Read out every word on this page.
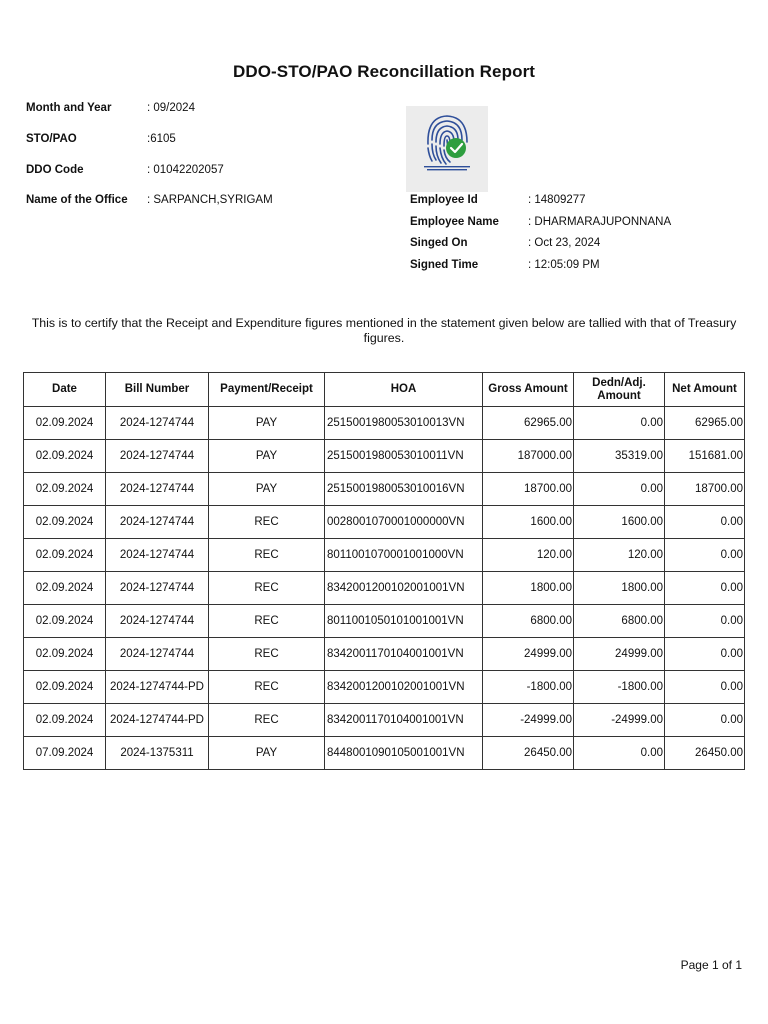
DDO-STO/PAO Reconcillation Report
Month and Year	: 09/2024
STO/PAO	:6105
DDO Code	: 01042202057
Name of the Office : SARPANCH,SYRIGAM	Employee Id	: 14809277
Employee Name	: DHARMARAJUPONNANA
Singed On	: Oct 23, 2024
Signed Time	: 12:05:09 PM
This is to certify that the Receipt and Expenditure figures mentioned in the statement given below are tallied with that of Treasury figures.
Date	Bill Number	Payment/Receipt	HOA	Gross Amount	Dedn/Adj. Amount	Net Amount
02.09.2024	2024-1274744	PAY	2515001980053010013VN	62965.00	0.00	62965.00
02.09.2024	2024-1274744	PAY	2515001980053010011VN	187000.00	35319.00	151681.00
02.09.2024	2024-1274744	PAY	2515001980053010016VN	18700.00	0.00	18700.00
02.09.2024	2024-1274744	REC	0028001070001000000VN	1600.00	1600.00	0.00
02.09.2024	2024-1274744	REC	8011001070001001000VN	120.00	120.00	0.00
02.09.2024	2024-1274744	REC	8342001200102001001VN	1800.00	1800.00	0.00
02.09.2024	2024-1274744	REC	8011001050101001001VN	6800.00	6800.00	0.00
02.09.2024	2024-1274744	REC	8342001170104001001VN	24999.00	24999.00	0.00
02.09.2024	2024-1274744-PD	REC	8342001200102001001VN	-1800.00	-1800.00	0.00
02.09.2024	2024-1274744-PD	REC	8342001170104001001VN	-24999.00	-24999.00	0.00
07.09.2024	2024-1375311	PAY	8448001090105001001VN	26450.00	0.00	26450.00
Page 1 of 1
